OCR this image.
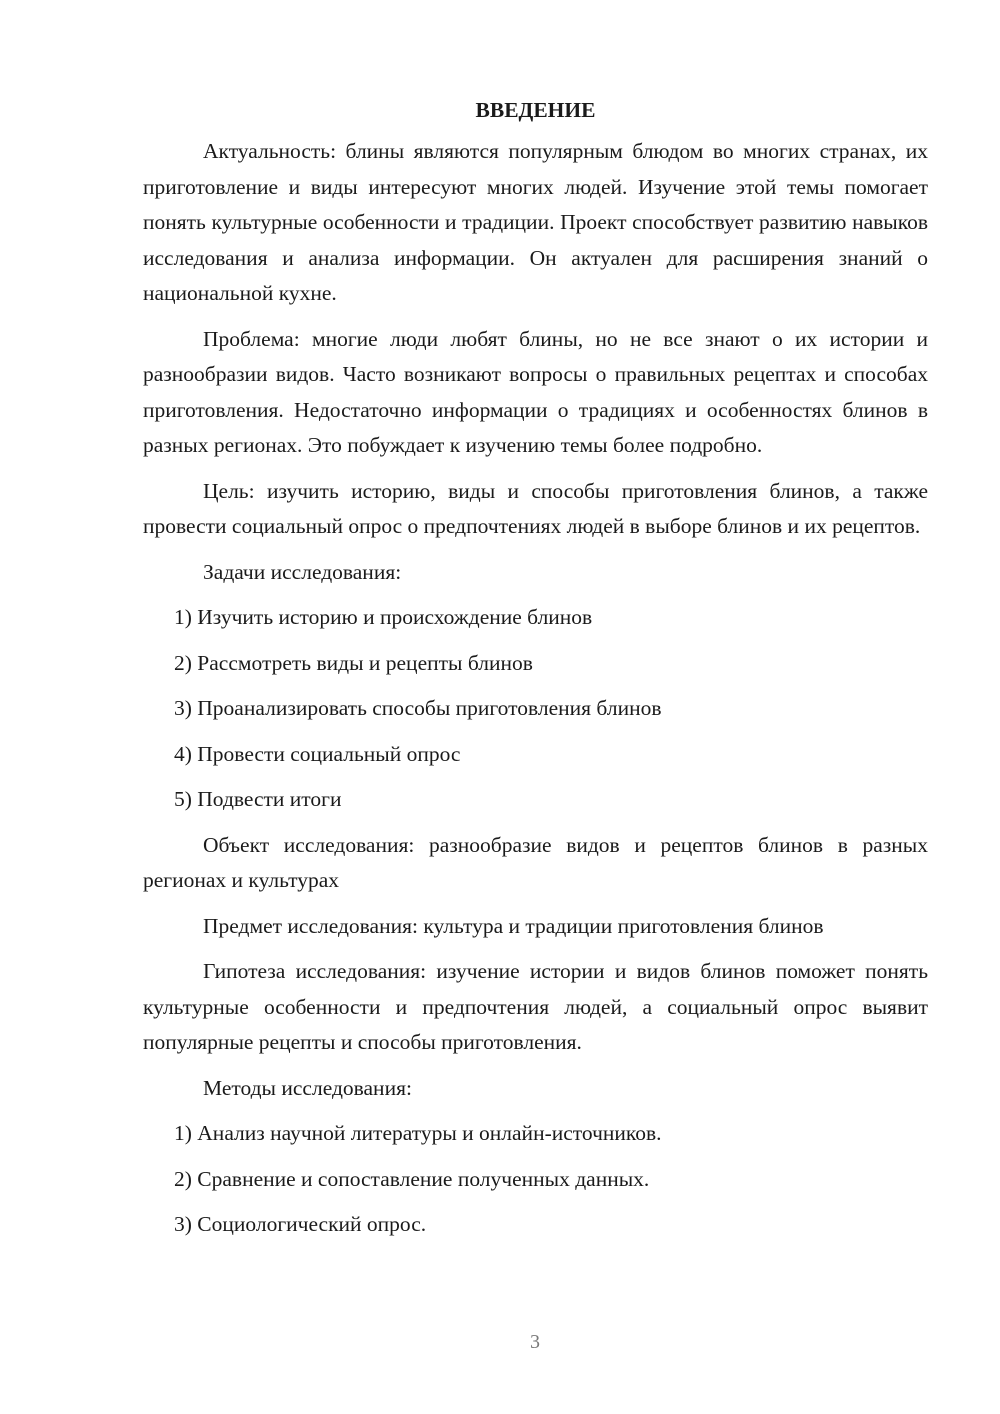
ВВЕДЕНИЕ

Актуальность: блины являются популярным блюдом во многих странах, их приготовление и виды интересуют многих людей. Изучение этой темы помогает понять культурные особенности и традиции. Проект способствует развитию навыков исследования и анализа информации. Он актуален для расширения знаний о национальной кухне.

Проблема: многие люди любят блины, но не все знают о их истории и разнообразии видов. Часто возникают вопросы о правильных рецептах и способах приготовления. Недостаточно информации о традициях и особенностях блинов в разных регионах. Это побуждает к изучению темы более подробно.

Цель: изучить историю, виды и способы приготовления блинов, а также провести социальный опрос о предпочтениях людей в выборе блинов и их рецептов.

Задачи исследования:

1) Изучить историю и происхождение блинов
2) Рассмотреть виды и рецепты блинов
3) Проанализировать способы приготовления блинов
4) Провести социальный опрос
5) Подвести итоги

Объект исследования: разнообразие видов и рецептов блинов в разных регионах и культурах

Предмет исследования: культура и традиции приготовления блинов

Гипотеза исследования: изучение истории и видов блинов поможет понять культурные особенности и предпочтения людей, а социальный опрос выявит популярные рецепты и способы приготовления.

Методы исследования:

1) Анализ научной литературы и онлайн-источников.
2) Сравнение и сопоставление полученных данных.
3) Социологический опрос.
3
